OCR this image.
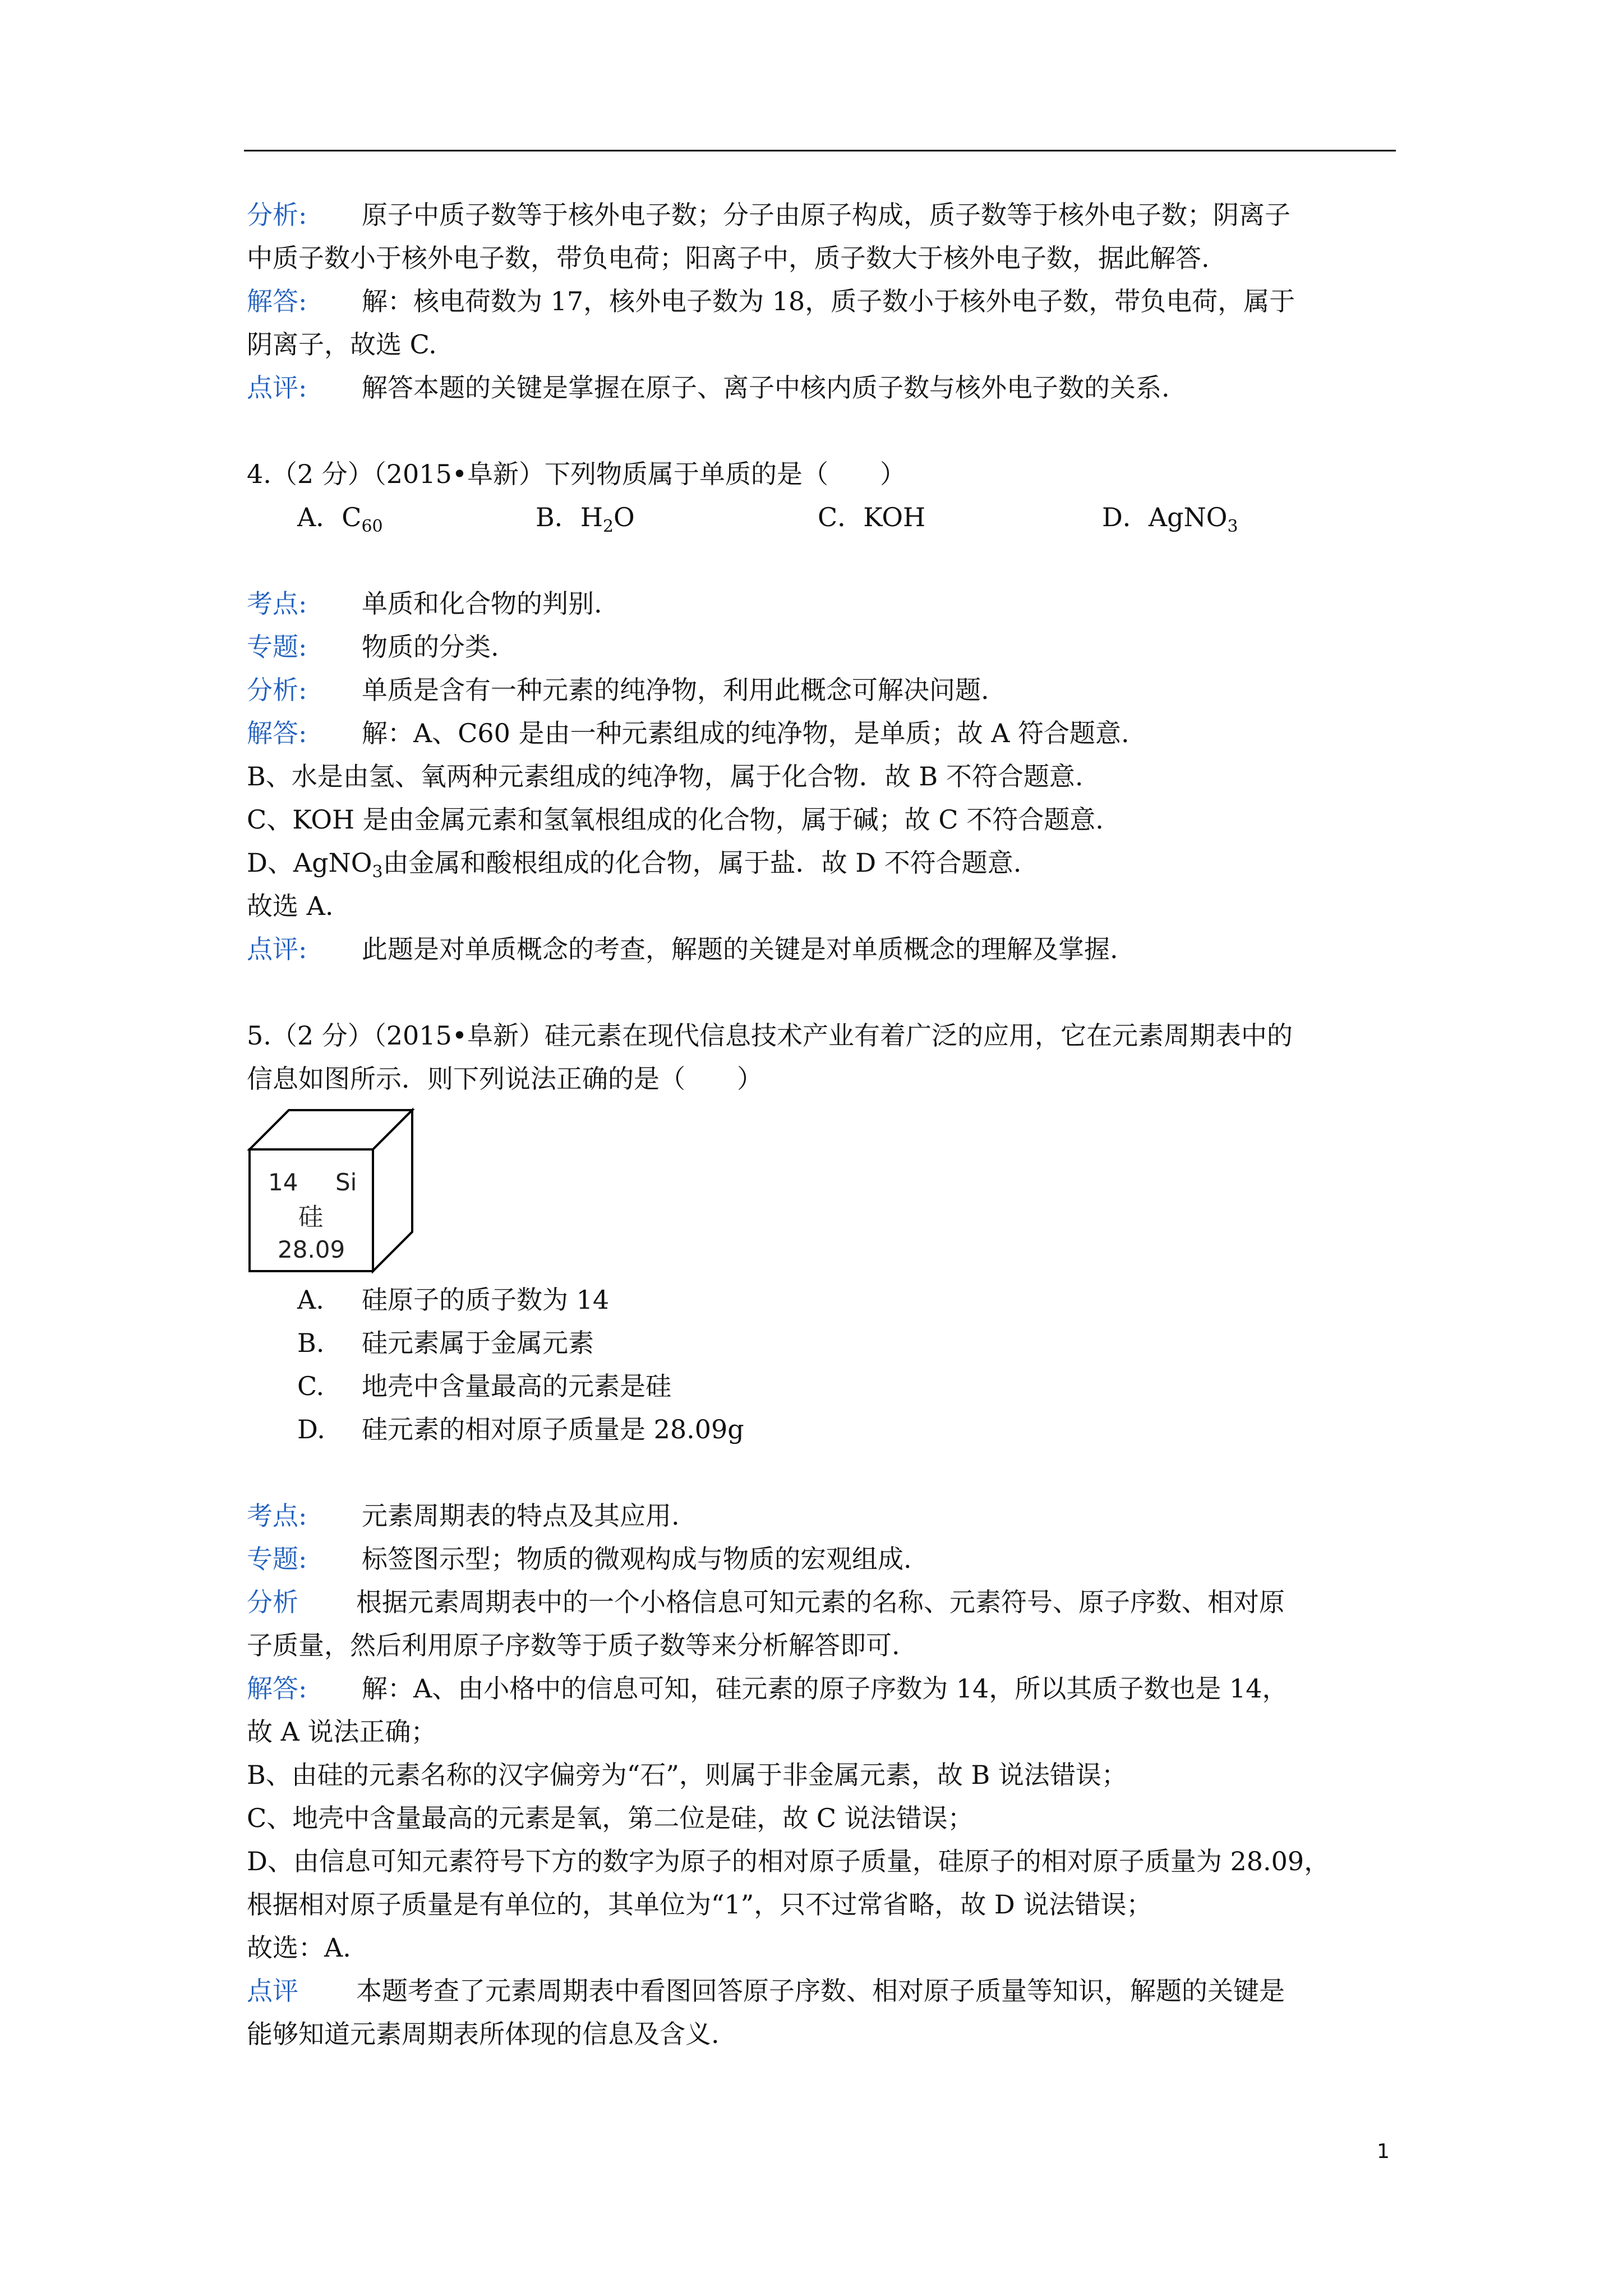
分析: 原子中质子数等于核外电子数；分子由原子构成，质子数等于核外电子数；阴离子
中质子数小于核外电子数，带负电荷；阳离子中，质子数大于核外电子数，据此解答.
解答: 解：核电荷数为 17，核外电子数为 18，质子数小于核外电子数，带负电荷，属于
阴离子，故选 C.
点评: 解答本题的关键是掌握在原子、离子中核内质子数与核外电子数的关系.
4.（2 分）（2015•阜新）下列物质属于单质的是（　　）
A．$C_{60}$	B．$H_2O$	C．KOH	D．AgNO$_3$
考点: 单质和化合物的判别.
专题: 物质的分类.
分析: 单质是含有一种元素的纯净物，利用此概念可解决问题.
解答: 解：A、C60 是由一种元素组成的纯净物，是单质；故 A 符合题意.
B、水是由氢、氧两种元素组成的纯净物，属于化合物．故 B 不符合题意.
C、KOH 是由金属元素和氢氧根组成的化合物，属于碱；故 C 不符合题意.
D、AgNO$_3$由金属和酸根组成的化合物，属于盐．故 D 不符合题意.
故选 A.
点评: 此题是对单质概念的考查，解题的关键是对单质概念的理解及掌握.
5.（2 分）（2015•阜新）硅元素在现代信息技术产业有着广泛的应用，它在元素周期表中的
信息如图所示．则下列说法正确的是（　　）
14 Si
硅
28.09
A. 硅原子的质子数为 14
B. 硅元素属于金属元素
C. 地壳中含量最高的元素是硅
D. 硅元素的相对原子质量是 28.09g
考点: 元素周期表的特点及其应用.
专题: 标签图示型；物质的微观构成与物质的宏观组成.
分析 根据元素周期表中的一个小格信息可知元素的名称、元素符号、原子序数、相对原
子质量，然后利用原子序数等于质子数等来分析解答即可.
解答: 解：A、由小格中的信息可知，硅元素的原子序数为 14，所以其质子数也是 14，
故 A 说法正确；
B、由硅的元素名称的汉字偏旁为“石”，则属于非金属元素，故 B 说法错误；
C、地壳中含量最高的元素是氧，第二位是硅，故 C 说法错误；
D、由信息可知元素符号下方的数字为原子的相对原子质量，硅原子的相对原子质量为 28.09，
根据相对原子质量是有单位的，其单位为“1”，只不过常省略，故 D 说法错误；
故选：A.
点评 本题考查了元素周期表中看图回答原子序数、相对原子质量等知识，解题的关键是
能够知道元素周期表所体现的信息及含义.
1
